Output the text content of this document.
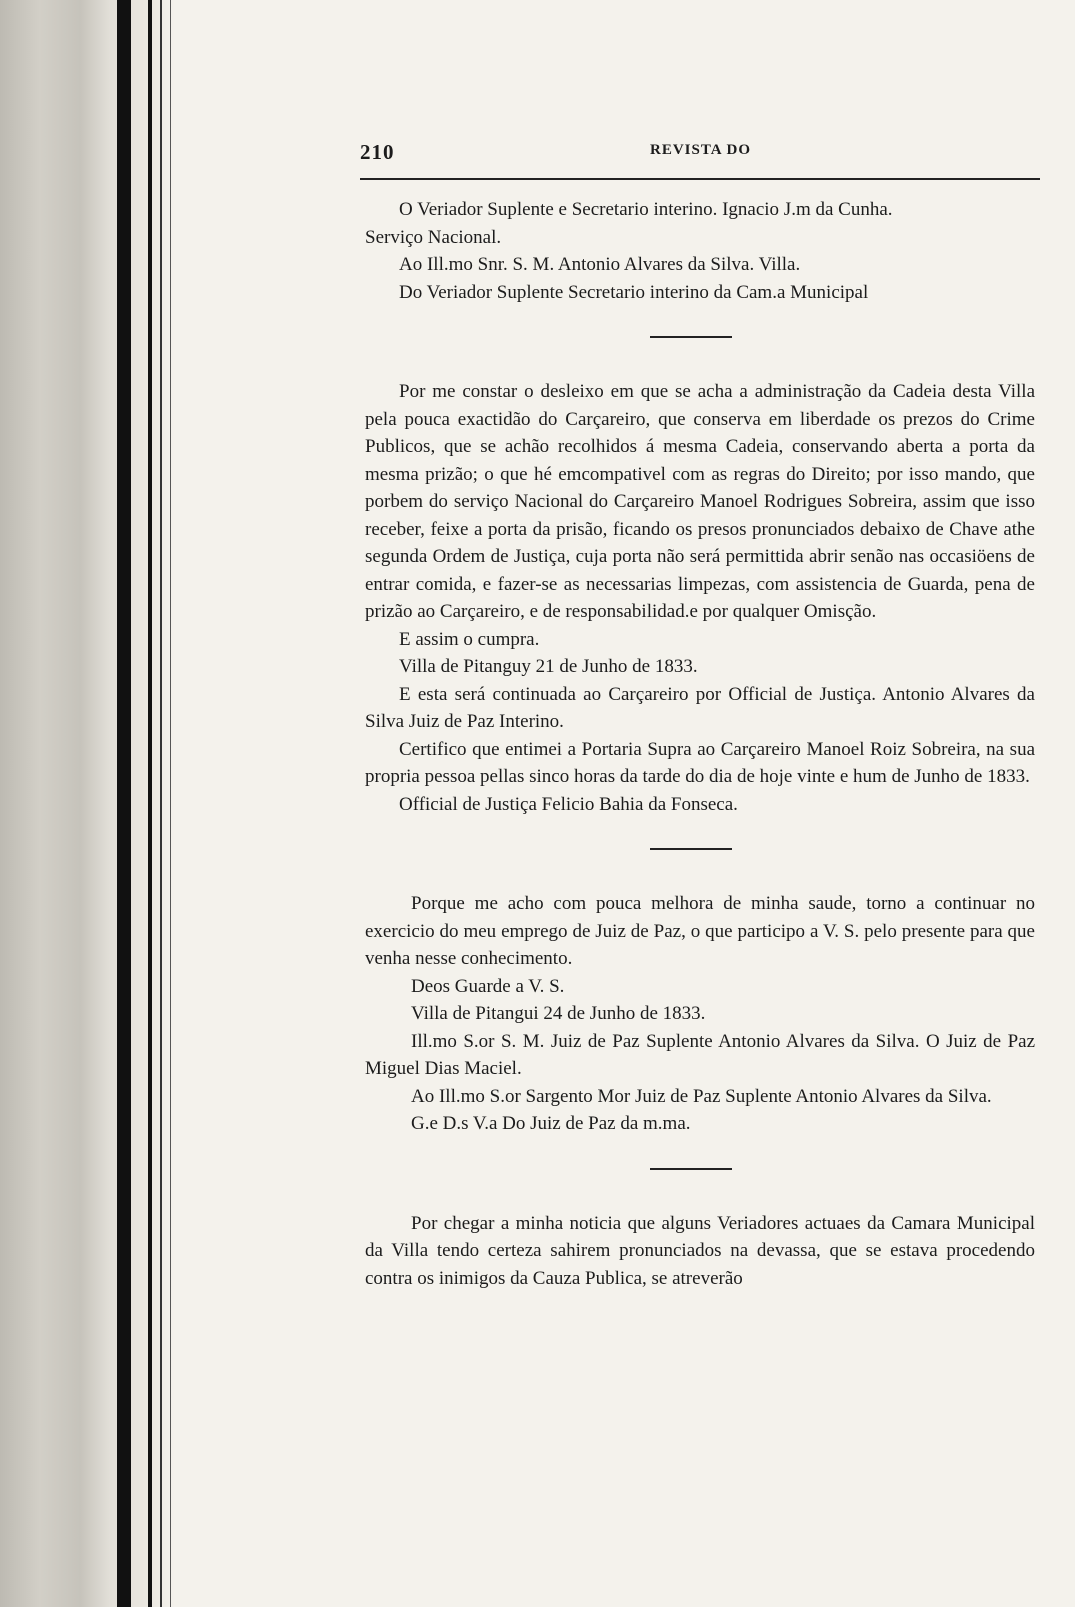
210	REVISTA DO

O Veriador Suplente e Secretario interino. Ignacio J.m da Cunha.

Serviço Nacional.

Ao Ill.mo Snr. S. M. Antonio Alvares da Silva. Villa.

Do Veriador Suplente Secretario interino da Cam.a Municipal

Por me constar o desleixo em que se acha a administração da Cadeia desta Villa pela pouca exactidão do Carçareiro, que conserva em liberdade os prezos do Crime Publicos, que se achão recolhidos á mesma Cadeia, conservando aberta a porta da mesma prizão; o que hé emcompativel com as regras do Direito; por isso mando, que porbem do serviço Nacional do Carçareiro Manoel Rodrigues Sobreira, assim que isso receber, feixe a porta da prisão, ficando os presos pronunciados debaixo de Chave athe segunda Ordem de Justiça, cuja porta não será permittida abrir senão nas occasiöens de entrar comida, e fazer-se as necessarias limpezas, com assistencia de Guarda, pena de prizão ao Carçareiro, e de responsabilidad.e por qualquer Omisção.

E assim o cumpra.

Villa de Pitanguy 21 de Junho de 1833.

E esta será continuada ao Carçareiro por Official de Justiça. Antonio Alvares da Silva Juiz de Paz Interino.

Certifico que entimei a Portaria Supra ao Carçareiro Manoel Roiz Sobreira, na sua propria pessoa pellas sinco horas da tarde do dia de hoje vinte e hum de Junho de 1833.

Official de Justiça Felicio Bahia da Fonseca.

Porque me acho com pouca melhora de minha saude, torno a continuar no exercicio do meu emprego de Juiz de Paz, o que participo a V. S. pelo presente para que venha nesse conhecimento.

Deos Guarde a V. S.

Villa de Pitangui 24 de Junho de 1833.

Ill.mo S.or S. M. Juiz de Paz Suplente Antonio Alvares da Silva. O Juiz de Paz Miguel Dias Maciel.

Ao Ill.mo S.or Sargento Mor Juiz de Paz Suplente Antonio Alvares da Silva.

G.e D.s V.a Do Juiz de Paz da m.ma.

Por chegar a minha noticia que alguns Veriadores actuaes da Camara Municipal da Villa tendo certeza sahirem pronunciados na devassa, que se estava procedendo contra os inimigos da Cauza Publica, se atreverão
